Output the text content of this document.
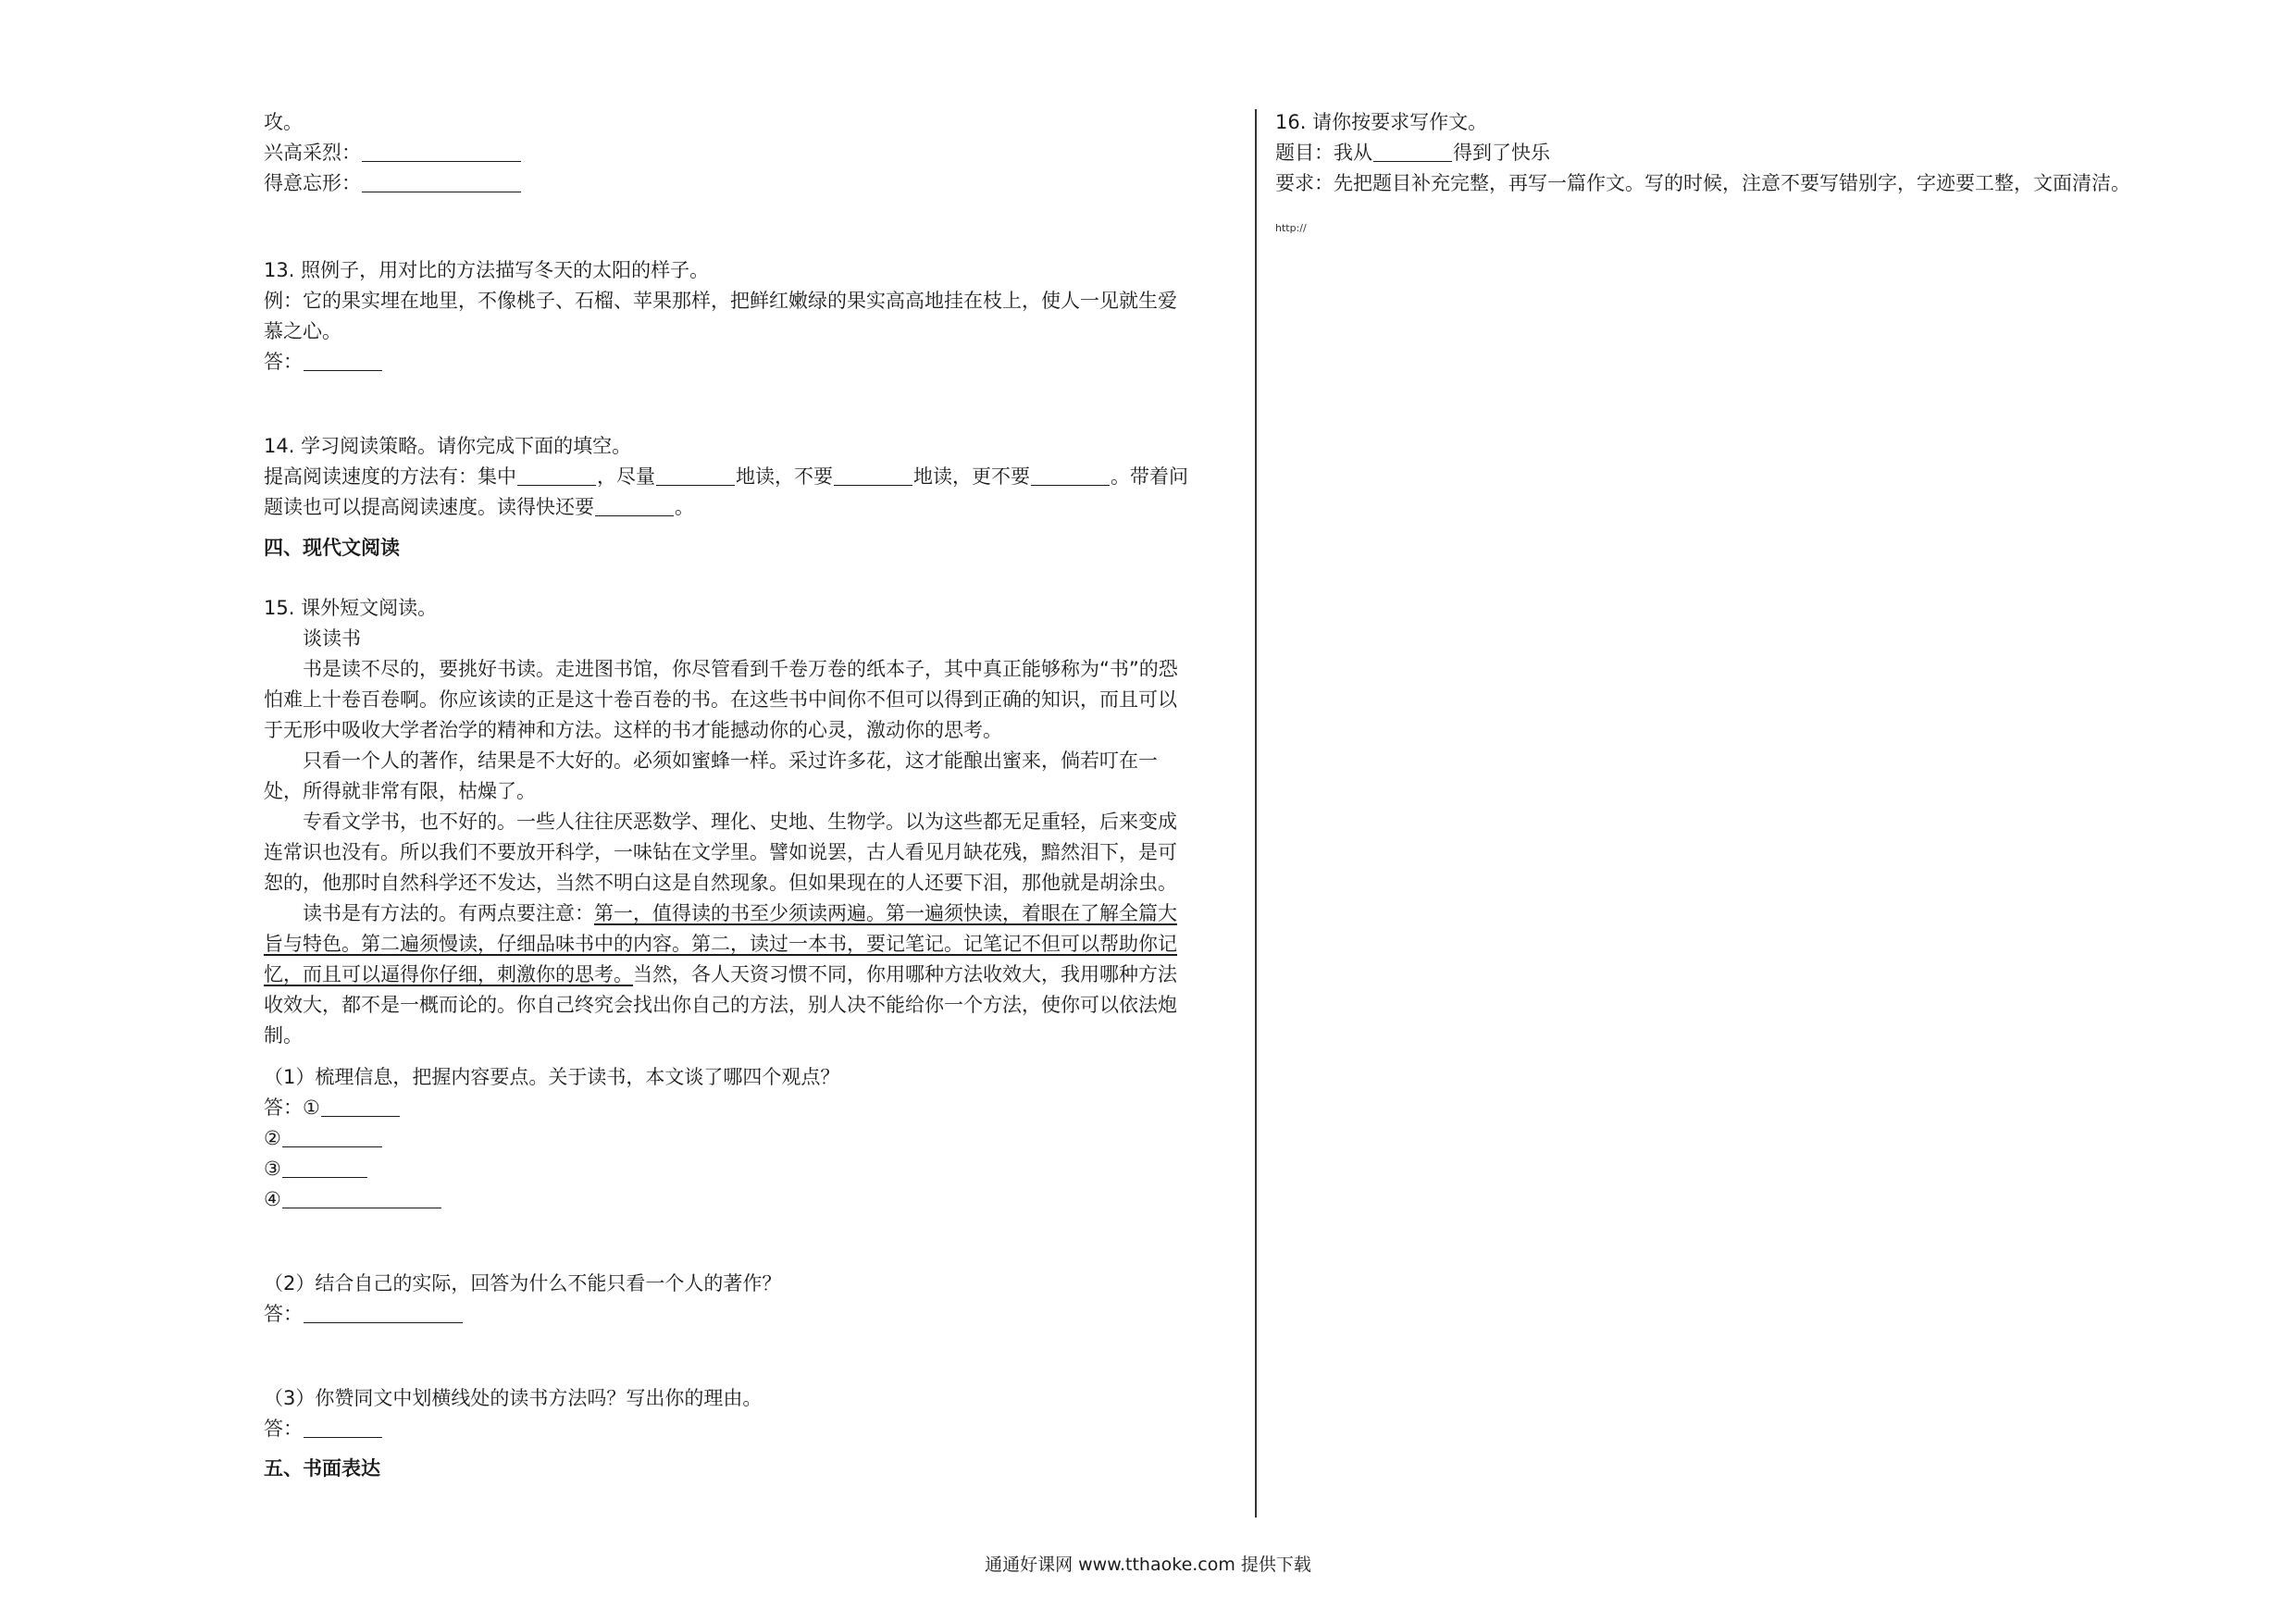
攻。
兴高采烈：
得意忘形：
13. 照例子，用对比的方法描写冬天的太阳的样子。
例：它的果实埋在地里，不像桃子、石榴、苹果那样，把鲜红嫩绿的果实高高地挂在枝上，使人一见就生爱
慕之心。
答：
14. 学习阅读策略。请你完成下面的填空。
提高阅读速度的方法有：集中	，尽量	地读，不要	地读，更不要	。带着问
题读也可以提高阅读速度。读得快还要	。
四、现代文阅读
15. 课外短文阅读。
谈读书
书是读不尽的，要挑好书读。走进图书馆，你尽管看到千卷万卷的纸本子，其中真正能够称为“书”的恐
怕难上十卷百卷啊。你应该读的正是这十卷百卷的书。在这些书中间你不但可以得到正确的知识，而且可以
于无形中吸收大学者治学的精神和方法。这样的书才能撼动你的心灵，激动你的思考。
只看一个人的著作，结果是不大好的。必须如蜜蜂一样。采过许多花，这才能酿出蜜来，倘若叮在一
处，所得就非常有限，枯燥了。
专看文学书，也不好的。一些人往往厌恶数学、理化、史地、生物学。以为这些都无足重轻，后来变成
连常识也没有。所以我们不要放开科学，一味钻在文学里。譬如说罢，古人看见月缺花残，黯然泪下，是可
恕的，他那时自然科学还不发达，当然不明白这是自然现象。但如果现在的人还要下泪，那他就是胡涂虫。
读书是有方法的。有两点要注意：第一，值得读的书至少须读两遍。第一遍须快读，着眼在了解全篇大
旨与特色。第二遍须慢读，仔细品味书中的内容。第二，读过一本书，要记笔记。记笔记不但可以帮助你记
忆，而且可以逼得你仔细，刺激你的思考。当然，各人天资习惯不同，你用哪种方法收效大，我用哪种方法
收效大，都不是一概而论的。你自己终究会找出你自己的方法，别人决不能给你一个方法，使你可以依法炮
制。
（1）梳理信息，把握内容要点。关于读书，本文谈了哪四个观点？
答：①
②
③
④
（2）结合自己的实际，回答为什么不能只看一个人的著作？
答：
（3）你赞同文中划横线处的读书方法吗？写出你的理由。
答：
五、书面表达
16. 请你按要求写作文。
题目：我从	得到了快乐
要求：先把题目补充完整，再写一篇作文。写的时候，注意不要写错别字，字迹要工整，文面清洁。
http://
通通好课网 www.tthaoke.com 提供下载
